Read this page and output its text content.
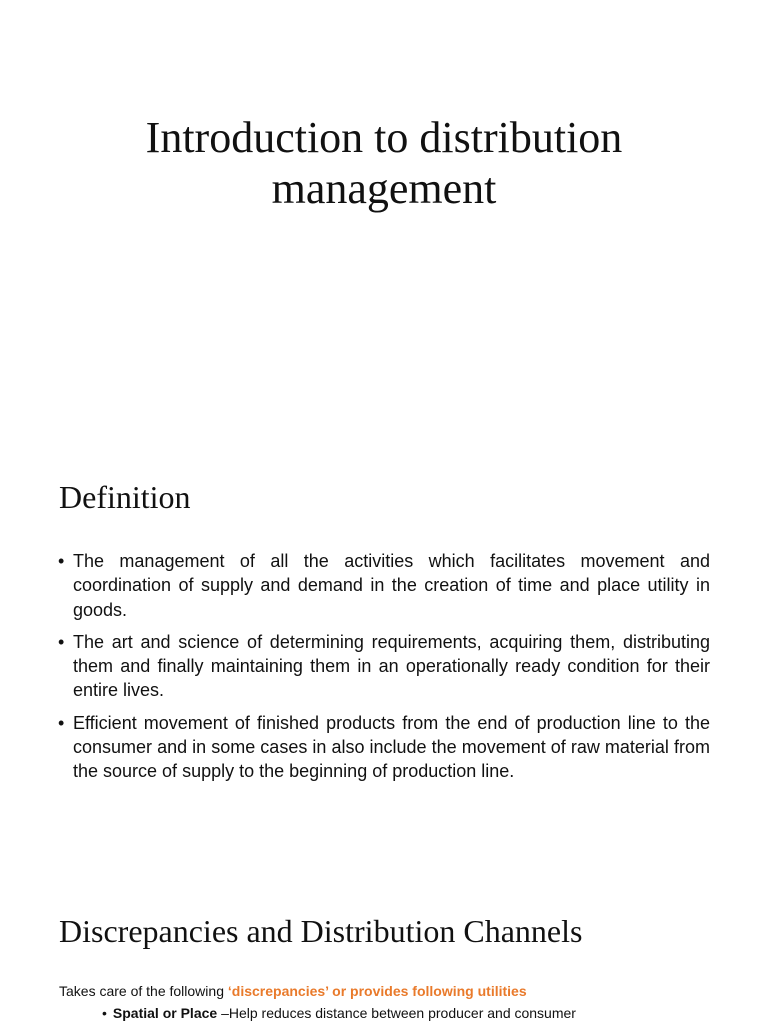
Introduction to distribution management
Definition
• The management of all the activities which facilitates movement and coordination of supply and demand in the creation of time and place utility in goods.
• The art and science of determining requirements, acquiring them, distributing them and finally maintaining them in an operationally ready condition for their entire lives.
• Efficient movement of finished products from the end of production line to the consumer and in some cases in also include the movement of raw material from the source of supply to the beginning of production line.
Discrepancies and Distribution Channels
Takes care of the following ‘discrepancies’ or provides following utilities
• Spatial or Place –Help reduces distance between producer and consumer
